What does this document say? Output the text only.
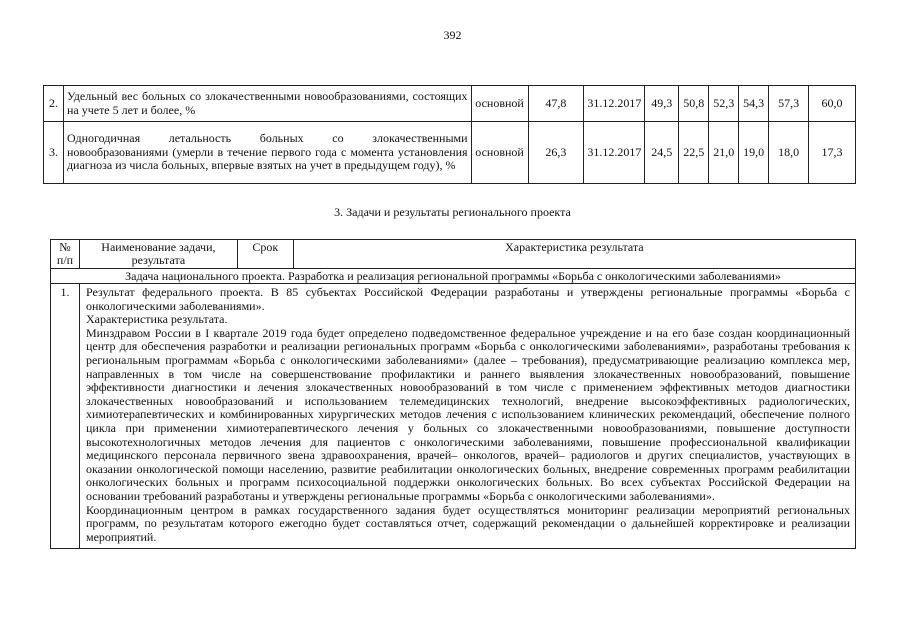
392
2.	Удельный вес больных со злокачественными новообразованиями, состоящих на учете 5 лет и более, %	основной	47,8	31.12.2017	49,3	50,8	52,3	54,3	57,3	60,0
3.	Одногодичная летальность больных со злокачественными новообразованиями (умерли в течение первого года с момента установления диагноза из числа больных, впервые взятых на учет в предыдущем году), %	основной	26,3	31.12.2017	24,5	22,5	21,0	19,0	18,0	17,3
3. Задачи и результаты регионального проекта
№ п/п	Наименование задачи, результата	Срок	Характеристика результата
Задача национального проекта. Разработка и реализация региональной программы «Борьба с онкологическими заболеваниями»			
1.	Результат федерального проекта. В 85 субъектах Российской Федерации разработаны и утверждены региональные программы «Борьба с онкологическими заболеваниями».

Характеристика результата.

Минздравом России в I квартале 2019 года будет определено подведомственное федеральное учреждение и на его базе создан координационный центр для обеспечения разработки и реализации региональных программ «Борьба с онкологическими заболеваниями», разработаны требования к региональным программам «Борьба с онкологическими заболеваниями» (далее – требования), предусматривающие реализацию комплекса мер, направленных в том числе на совершенствование профилактики и раннего выявления злокачественных новообразований, повышение эффективности диагностики и лечения злокачественных новообразований в том числе с применением эффективных методов диагностики злокачественных новообразований и использованием телемедицинских технологий, внедрение высокоэффективных радиологических, химиотерапевтических и комбинированных хирургических методов лечения с использованием клинических рекомендаций, обеспечение полного цикла при применении химиотерапевтического лечения у больных со злокачественными новообразованиями, повышение доступности высокотехнологичных методов лечения для пациентов с онкологическими заболеваниями, повышение профессиональной квалификации медицинского персонала первичного звена здравоохранения, врачей– онкологов, врачей– радиологов и других специалистов, участвующих в оказании онкологической помощи населению, развитие реабилитации онкологических больных, внедрение современных программ реабилитации онкологических больных и программ психосоциальной поддержки онкологических больных. Во всех субъектах Российской Федерации на основании требований разработаны и утверждены региональные программы «Борьба с онкологическими заболеваниями».

Координационным центром в рамках государственного задания будет осуществляться мониторинг реализации мероприятий региональных программ, по результатам которого ежегодно будет составляться отчет, содержащий рекомендации о дальнейшей корректировке и реализации мероприятий.		
